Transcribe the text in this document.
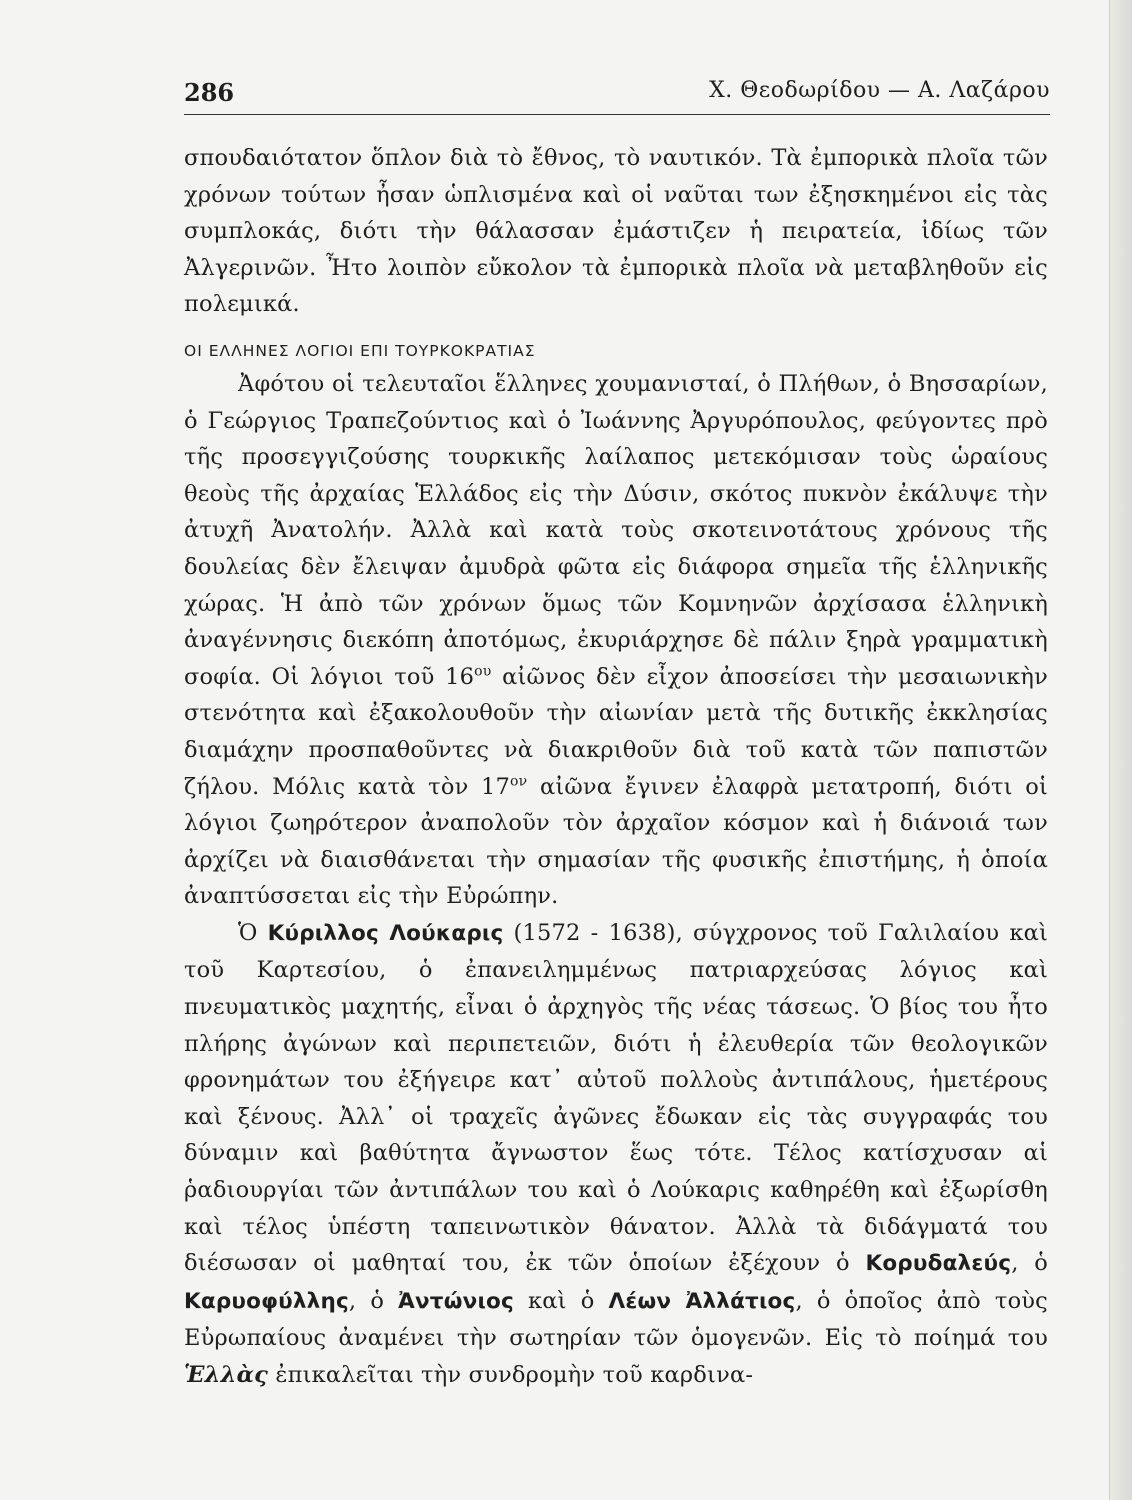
286	Χ. Θεοδωρίδου — Α. Λαζάρου

σπουδαιότατον ὅπλον διὰ τὸ ἔθνος, τὸ ναυτικόν. Τὰ ἐμπορικὰ πλοῖα τῶν χρόνων τούτων ἦσαν ὡπλισμένα καὶ οἱ ναῦται των ἐξησκημένοι εἰς τὰς συμπλοκάς, διότι τὴν θάλασσαν ἐμάστιζεν ἡ πειρατεία, ἰδίως τῶν Ἀλγερινῶν. Ἦτο λοιπὸν εὔκολον τὰ ἐμπορικὰ πλοῖα νὰ μεταβληθοῦν εἰς πολεμικά.

ΟΙ ΕΛΛΗΝΕΣ ΛΟΓΙΟΙ ΕΠΙ ΤΟΥΡΚΟΚΡΑΤΙΑΣ

Ἀφότου οἱ τελευταῖοι ἕλληνες χουμανισταί, ὁ Πλήθων, ὁ Βησσαρίων, ὁ Γεώργιος Τραπεζούντιος καὶ ὁ Ἰωάννης Ἀργυρόπουλος, φεύγοντες πρὸ τῆς προσεγγιζούσης τουρκικῆς λαίλαπος μετεκόμισαν τοὺς ὡραίους θεοὺς τῆς ἀρχαίας Ἑλλάδος εἰς τὴν Δύσιν, σκότος πυκνὸν ἐκάλυψε τὴν ἀτυχῆ Ἀνατολήν. Ἀλλὰ καὶ κατὰ τοὺς σκοτεινοτάτους χρόνους τῆς δουλείας δὲν ἔλειψαν ἀμυδρὰ φῶτα εἰς διάφορα σημεῖα τῆς ἑλληνικῆς χώρας. Ἡ ἀπὸ τῶν χρόνων ὅμως τῶν Κομνηνῶν ἀρχίσασα ἑλληνικὴ ἀναγέννησις διεκόπη ἀποτόμως, ἐκυριάρχησε δὲ πάλιν ξηρὰ γραμματικὴ σοφία. Οἱ λόγιοι τοῦ $16^{o\upsilon}$ αἰῶνος δὲν εἶχον ἀποσείσει τὴν μεσαιωνικὴν στενότητα καὶ ἐξακολουθοῦν τὴν αἰωνίαν μετὰ τῆς δυτικῆς ἐκκλησίας διαμάχην προσπαθοῦντες νὰ διακριθοῦν διὰ τοῦ κατὰ τῶν παπιστῶν ζήλου. Μόλις κατὰ τὸν $17^{o\nu}$ αἰῶνα ἔγινεν ἐλαφρὰ μετατροπή, διότι οἱ λόγιοι ζωηρότερον ἀναπολοῦν τὸν ἀρχαῖον κόσμον καὶ ἡ διάνοιά των ἀρχίζει νὰ διαισθάνεται τὴν σημασίαν τῆς φυσικῆς ἐπιστήμης, ἡ ὁποία ἀναπτύσσεται εἰς τὴν Εὐρώπην.

Ὁ Κύριλλος Λούκαρις (1572 - 1638), σύγχρονος τοῦ Γαλιλαίου καὶ τοῦ Καρτεσίου, ὁ ἐπανειλημμένως πατριαρχεύσας λόγιος καὶ πνευματικὸς μαχητής, εἶναι ὁ ἀρχηγὸς τῆς νέας τάσεως. Ὁ βίος του ἦτο πλήρης ἀγώνων καὶ περιπετειῶν, διότι ἡ ἐλευθερία τῶν θεολογικῶν φρονημάτων του ἐξήγειρε κατ᾽ αὐτοῦ πολλοὺς ἀντιπάλους, ἡμετέρους καὶ ξένους. Ἀλλ᾽ οἱ τραχεῖς ἀγῶνες ἔδωκαν εἰς τὰς συγγραφάς του δύναμιν καὶ βαθύτητα ἄγνωστον ἕως τότε. Τέλος κατίσχυσαν αἱ ῥαδιουργίαι τῶν ἀντιπάλων του καὶ ὁ Λούκαρις καθηρέθη καὶ ἐξωρίσθη καὶ τέλος ὑπέστη ταπεινωτικὸν θάνατον. Ἀλλὰ τὰ διδάγματά του διέσωσαν οἱ μαθηταί του, ἐκ τῶν ὁποίων ἐξέχουν ὁ Κορυδαλεύς, ὁ Καρυοφύλλης, ὁ Ἀντώνιος καὶ ὁ Λέων Ἀλλάτιος, ὁ ὁποῖος ἀπὸ τοὺς Εὐρωπαίους ἀναμένει τὴν σωτηρίαν τῶν ὁμογενῶν. Εἰς τὸ ποίημά του Ἑλλὰς ἐπικαλεῖται τὴν συνδρομὴν τοῦ καρδινα-
